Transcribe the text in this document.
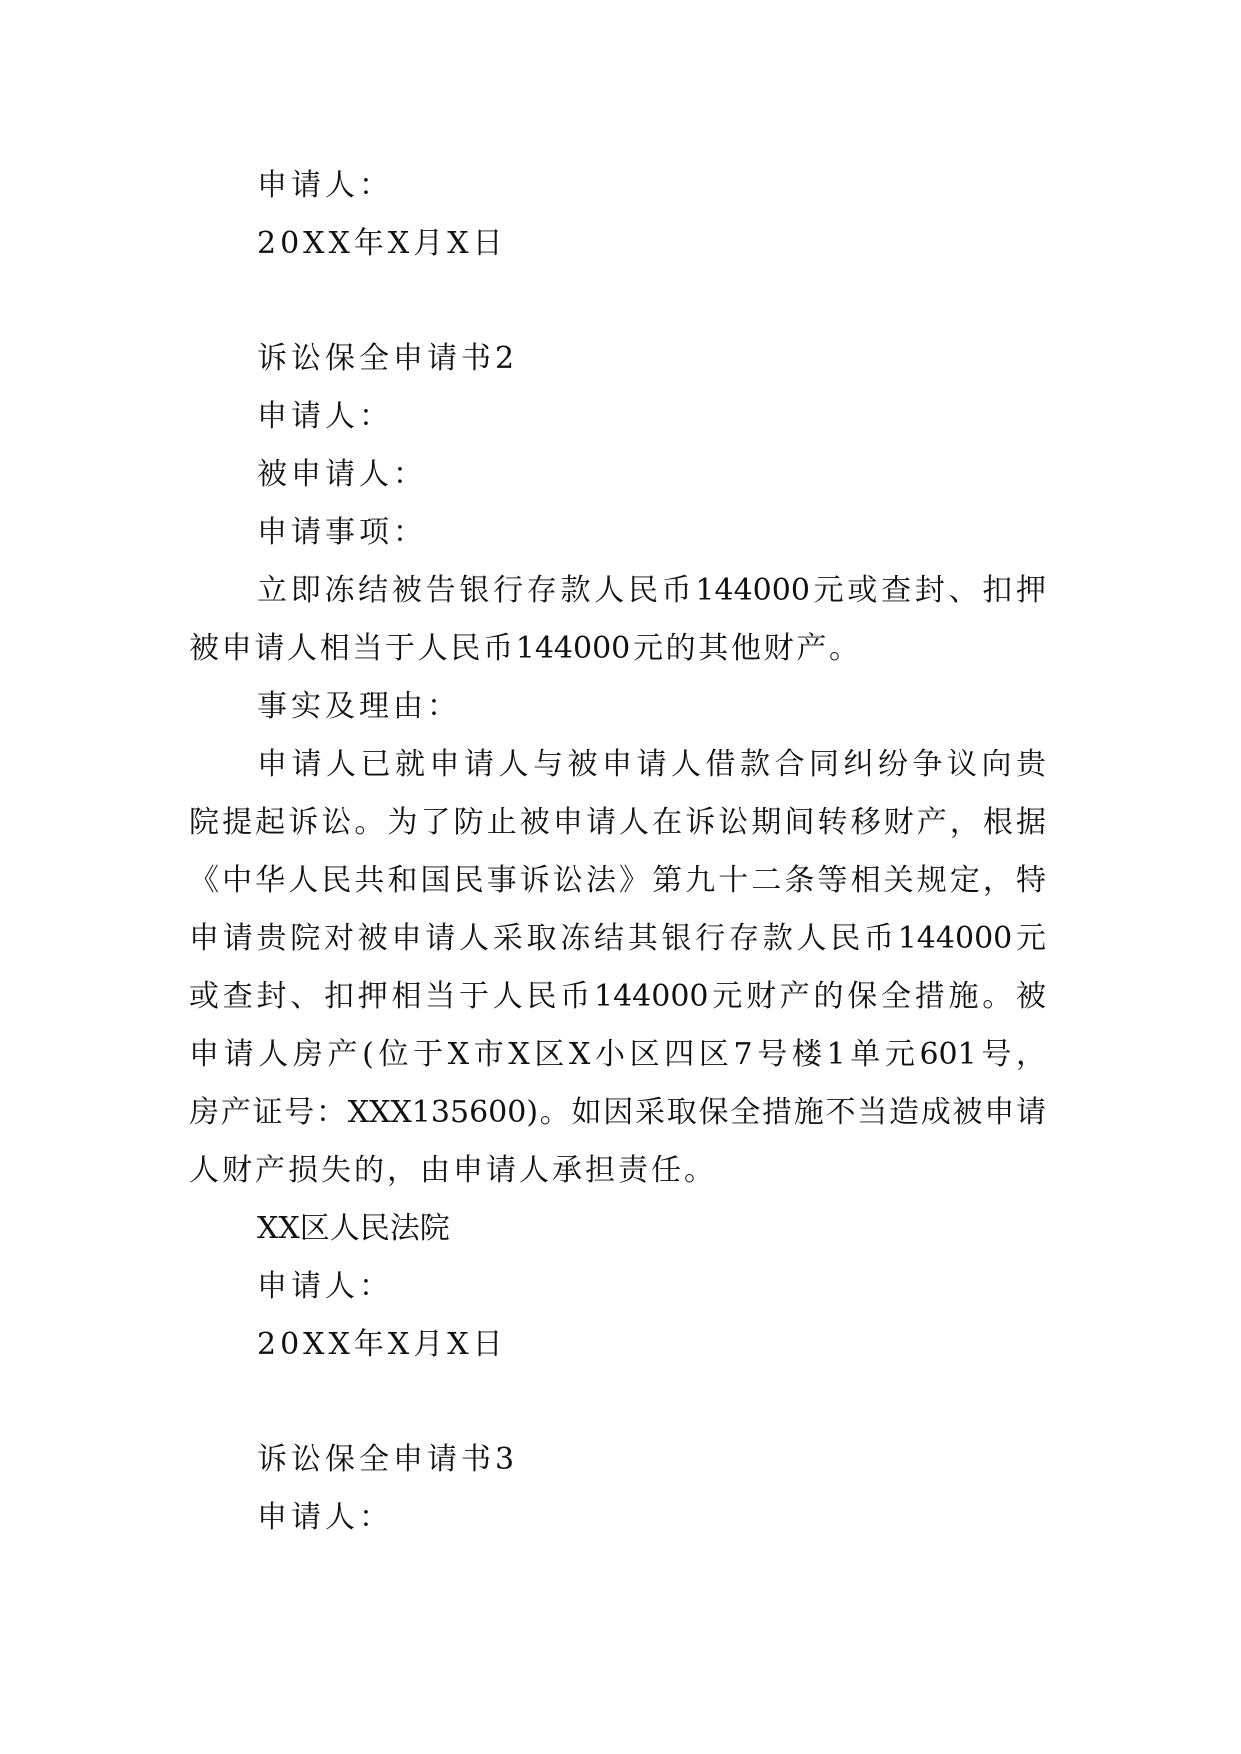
申请人：

20XX年X月X日

诉讼保全申请书2

申请人：

被申请人：

申请事项：

立即冻结被告银行存款人民币144000元或查封、扣押

被申请人相当于人民币144000元的其他财产。

事实及理由：

申请人已就申请人与被申请人借款合同纠纷争议向贵

院提起诉讼。为了防止被申请人在诉讼期间转移财产，根据

《中华人民共和国民事诉讼法》第九十二条等相关规定，特

申请贵院对被申请人采取冻结其银行存款人民币144000元

或查封、扣押相当于人民币144000元财产的保全措施。被

申请人房产(位于X市X区X小区四区7号楼1单元601号，

房产证号：XXX135600)。如因采取保全措施不当造成被申请

人财产损失的，由申请人承担责任。

XX区人民法院

申请人：

20XX年X月X日

诉讼保全申请书3

申请人：
